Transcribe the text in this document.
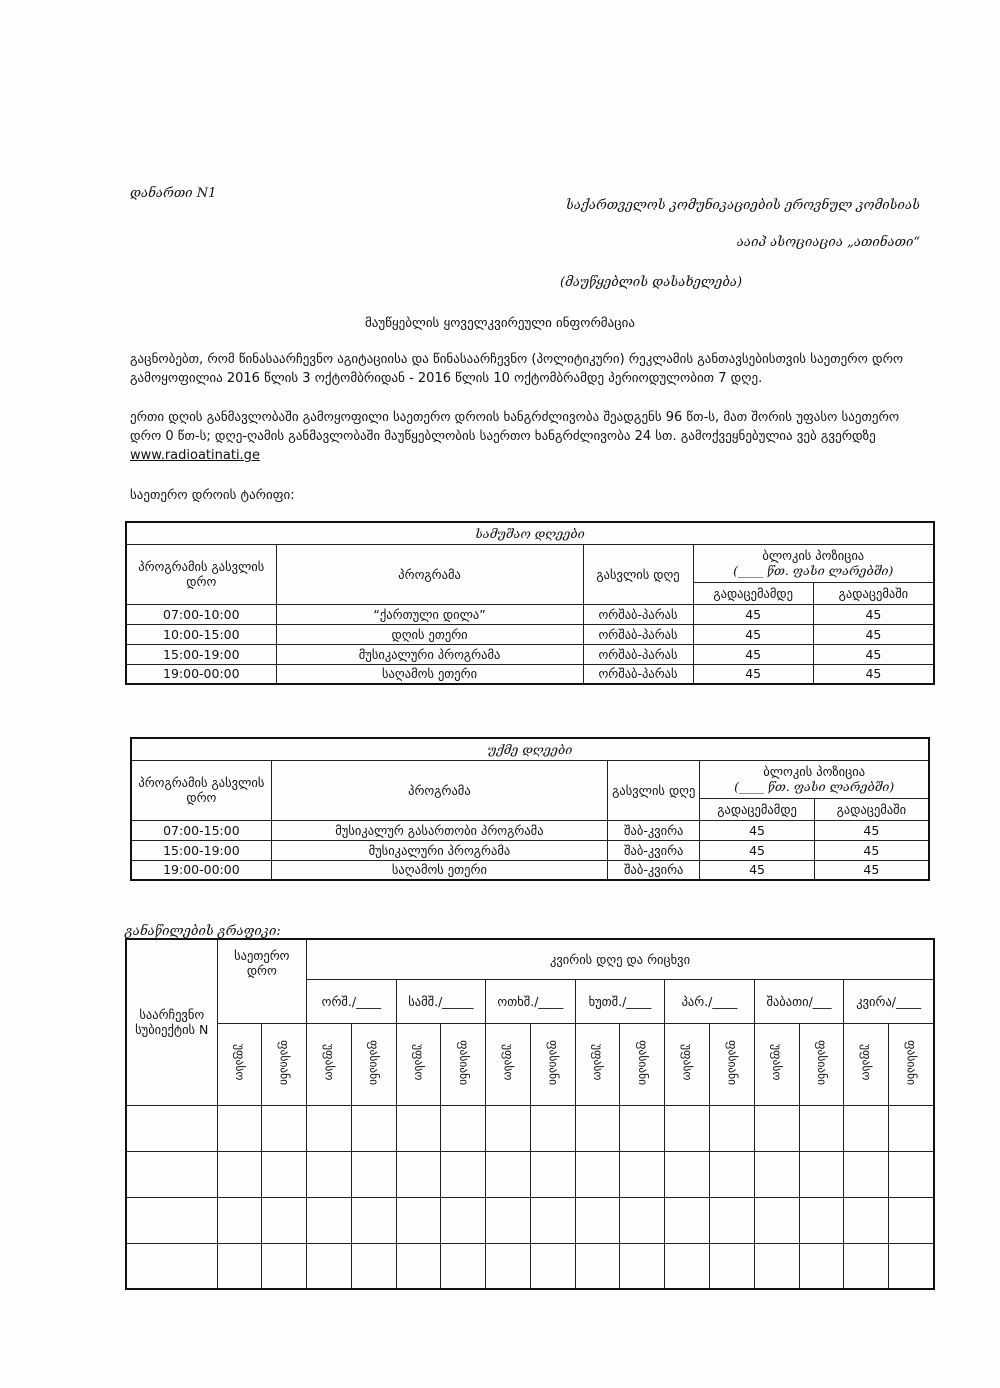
დანართი N1
საქართველოს კომუნიკაციების ეროვნულ კომისიას
ააიპ ასოციაცია „ათინათი“
(მაუწყებლის დასახელება)
მაუწყებლის ყოველკვირეული ინფორმაცია
გაცნობებთ, რომ წინასაარჩევნო აგიტაციისა და წინასაარჩევნო (პოლიტიკური) რეკლამის განთავსებისთვის საეთერო დრო გამოყოფილია 2016 წლის 3 ოქტომბრიდან - 2016 წლის 10 ოქტომბრამდე პერიოდულობით 7 დღე.
ერთი დღის განმავლობაში გამოყოფილი საეთერო დროის ხანგრძლივობა შეადგენს 96 წთ-ს, მათ შორის უფასო საეთერო დრო 0 წთ-ს; დღე-ღამის განმავლობაში მაუწყებლობის საერთო ხანგრძლივობა 24 სთ. გამოქვეყნებულია ვებ გვერდზე www.radioatinati.ge
საეთერო დროის ტარიფი:
სამუშაო დღეები				
პროგრამის გასვლის დრო	პროგრამა	გასვლის დღე	ბლოკის პოზიცია
(____ წთ. ფასი ლარებში)	

			გადაცემამდე	გადაცემაში
07:00-10:00	“ქართული დილა”	ორშაბ-პარას	45	45
10:00-15:00	დღის ეთერი	ორშაბ-პარას	45	45
15:00-19:00	მუსიკალური პროგრამა	ორშაბ-პარას	45	45
19:00-00:00	საღამოს ეთერი	ორშაბ-პარას	45	45
უქმე დღეები				
პროგრამის გასვლის დრო	პროგრამა	გასვლის დღე	ბლოკის პოზიცია
(____ წთ. ფასი ლარებში)	

			გადაცემამდე	გადაცემაში
07:00-15:00	მუსიკალურ გასართობი პროგრამა	შაბ-კვირა	45	45
15:00-19:00	მუსიკალური პროგრამა	შაბ-კვირა	45	45
19:00-00:00	საღამოს ეთერი	შაბ-კვირა	45	45
განაწილების გრაფიკი:
საარჩევნო სუბიექტის N	საეთერო დრო		კვირის დღე და რიცხვი													
			ორშ./____		სამშ./_____		ოთხშ./____		ხუთშ./____		პარ./____		შაბათი/___		კვირა/____	
	უფასო	ფასიანი	უფასო	ფასიანი	უფასო	ფასიანი	უფასო	ფასიანი	უფასო	ფასიანი	უფასო	ფასიანი	უფასო	ფასიანი	უფასო	ფასიანი
